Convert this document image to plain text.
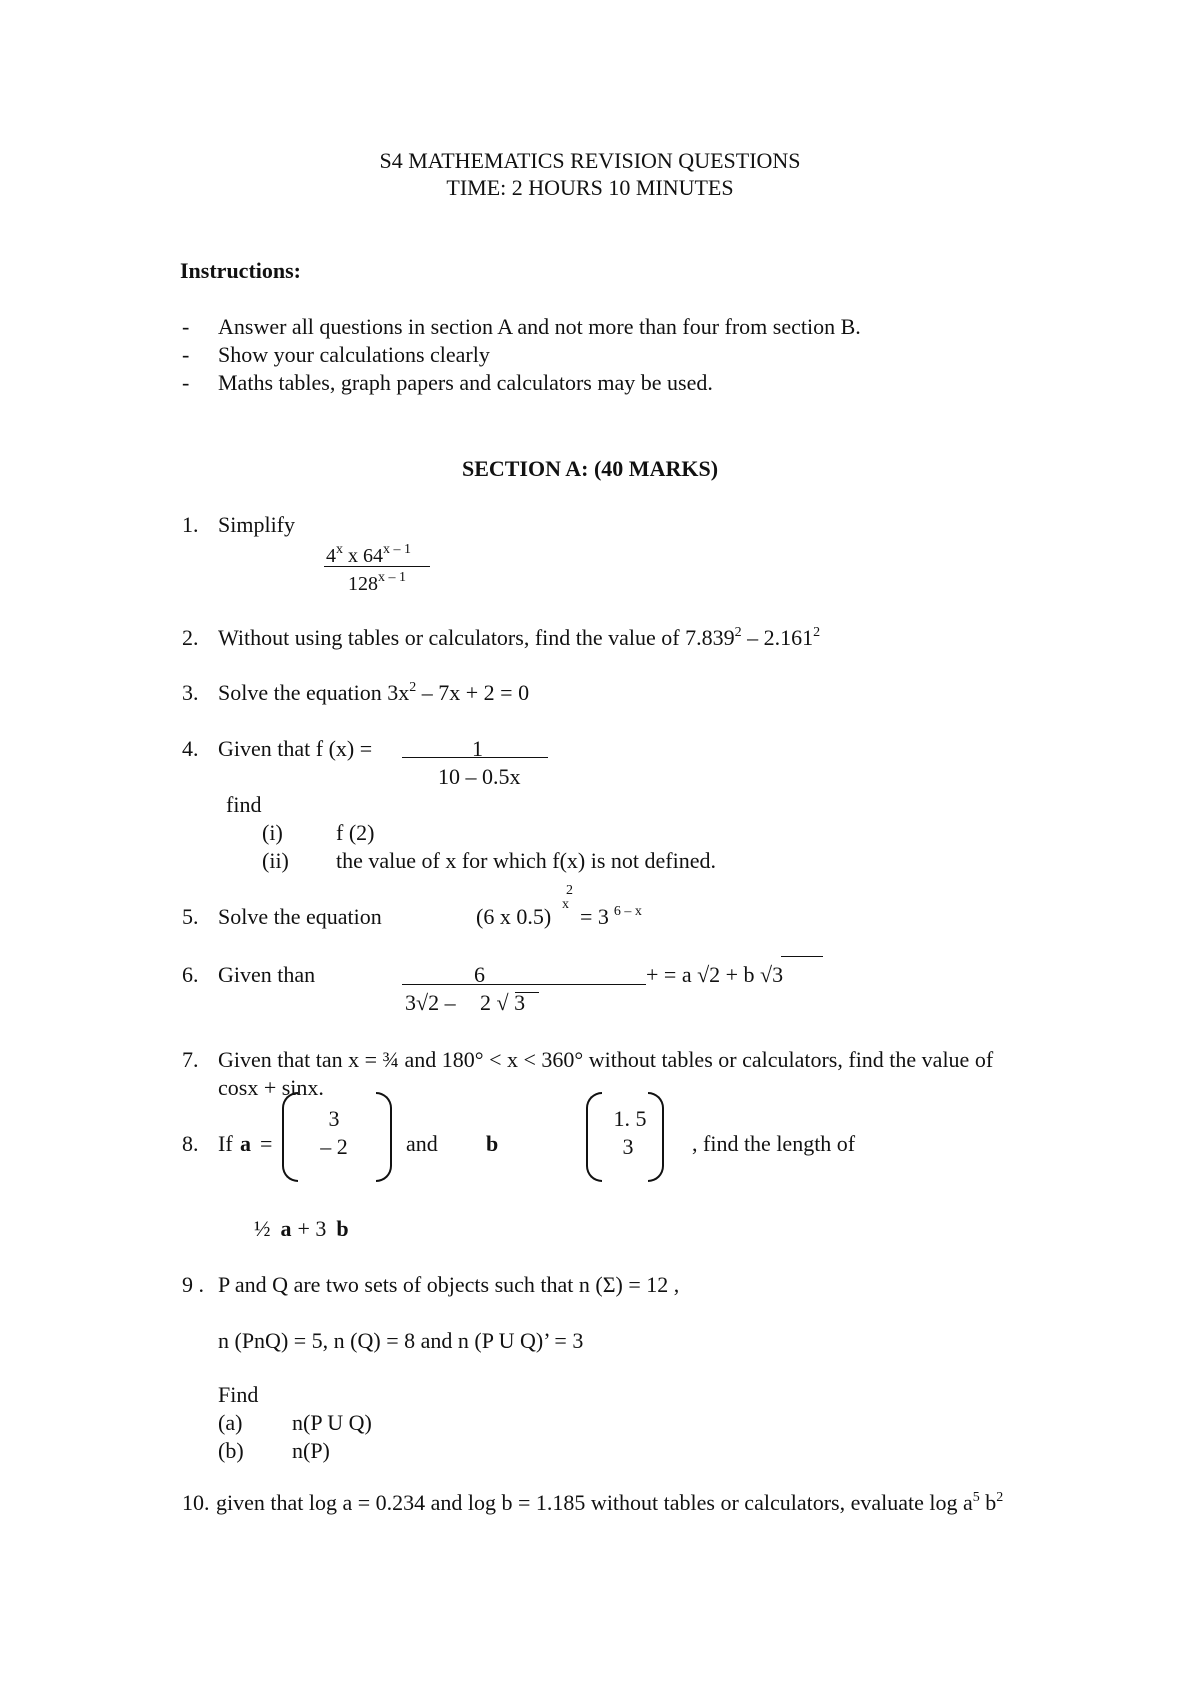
S4 MATHEMATICS REVISION QUESTIONS
TIME: 2 HOURS 10 MINUTES
Instructions:
- Answer all questions in section A and not more than four from section B.
- Show your calculations clearly
- Maths tables, graph papers and calculators may be used.
SECTION A: (40 MARKS)
1. Simplify
4$^x$ x 64$^{x - 1}$
128$^{x - 1}$
2. Without using tables or calculators, find the value of 7.839$^2$ – 2.161$^2$
3. Solve the equation $3x^2 - 7x + 2 = 0$
4. Given that f (x) =	1
10 – 0.5x
find
(i) f (2)
(ii) the value of x for which f(x) is not defined.
5. Solve the equation	(6 x 0.5) x
2
= 3 $^{6 - x}$
6. Given than	6
3√2 – 2 √ 3
+ = a √2 + b √3
7. Given that tan x = ¾ and 180° < x < 360° without tables or calculators, find the value of
cosx + sinx.
8. If a =
3
– 2	and b
1. 5
3	, find the length of
½ a + 3 b
9 . P and Q are two sets of objects such that n (Σ) = 12 ,
n (PnQ) = 5, n (Q) = 8 and n (P U Q)’ = 3
Find
(a) n(P U Q)
(b) n(P)
10. given that log a = 0.234 and log b = 1.185 without tables or calculators, evaluate $\log a^5$ $b^2$
